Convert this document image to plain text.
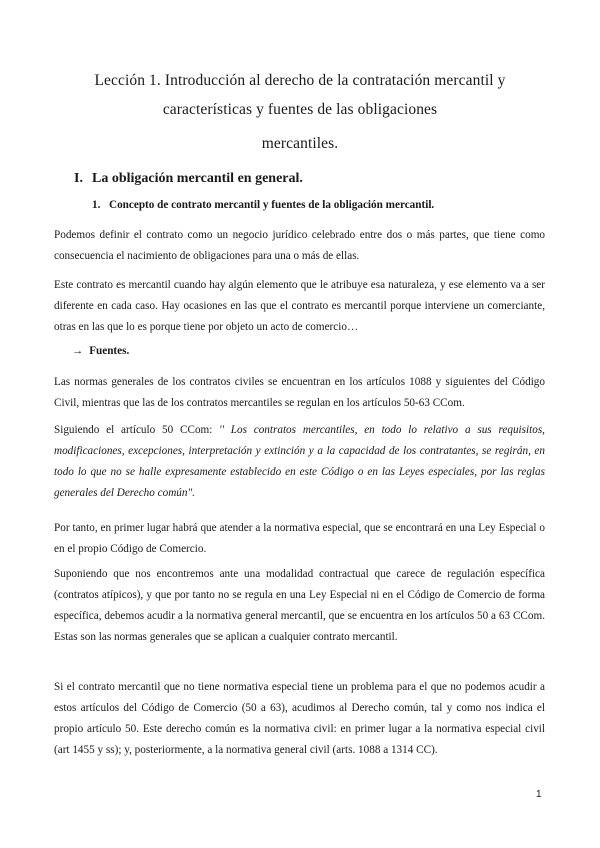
Lección 1. Introducción al derecho de la contratación mercantil y
características y fuentes de las obligaciones
mercantiles.
I. La obligación mercantil en general.
1. Concepto de contrato mercantil y fuentes de la obligación mercantil.

Podemos definir el contrato como un negocio jurídico celebrado entre dos o más partes, que tiene como consecuencia el nacimiento de obligaciones para una o más de ellas.

Este contrato es mercantil cuando hay algún elemento que le atribuye esa naturaleza, y ese elemento va a ser diferente en cada caso. Hay ocasiones en las que el contrato es mercantil porque interviene un comerciante, otras en las que lo es porque tiene por objeto un acto de comercio…

→ Fuentes.

Las normas generales de los contratos civiles se encuentran en los artículos 1088 y siguientes del Código Civil, mientras que las de los contratos mercantiles se regulan en los artículos 50-63 CCom.

Siguiendo el artículo 50 CCom: '' Los contratos mercantiles, en todo lo relativo a sus requisitos, modificaciones, excepciones, interpretación y extinción y a la capacidad de los contratantes, se regirán, en todo lo que no se halle expresamente establecido en este Código o en las Leyes especiales, por las reglas generales del Derecho común".

Por tanto, en primer lugar habrá que atender a la normativa especial, que se encontrará en una Ley Especial o en el propio Código de Comercio.

Suponiendo que nos encontremos ante una modalidad contractual que carece de regulación específica (contratos atípicos), y que por tanto no se regula en una Ley Especial ni en el Código de Comercio de forma específica, debemos acudir a la normativa general mercantil, que se encuentra en los artículos 50 a 63 CCom. Estas son las normas generales que se aplican a cualquier contrato mercantil.

Si el contrato mercantil que no tiene normativa especial tiene un problema para el que no podemos acudir a estos artículos del Código de Comercio (50 a 63), acudimos al Derecho común, tal y como nos indica el propio artículo 50. Este derecho común es la normativa civil: en primer lugar a la normativa especial civil (art 1455 y ss); y, posteriormente, a la normativa general civil (arts. 1088 a 1314 CC).

1
